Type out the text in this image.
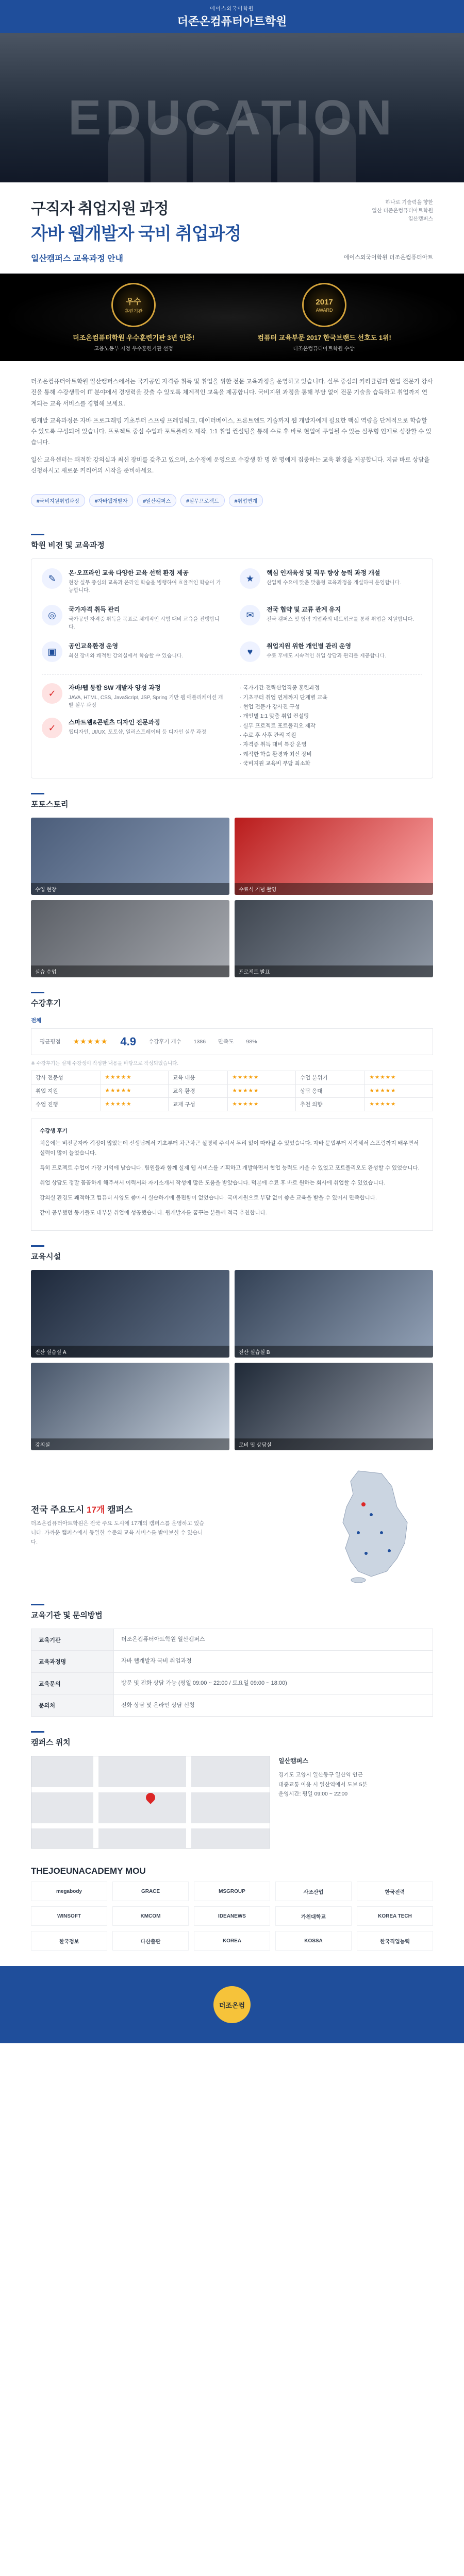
에이스외국어학원
더존온컴퓨터아트학원
EDUCATION
구직자 취업지원 과정
자바 웹개발자 국비 취업과정
일산캠퍼스 교육과정 안내
하나로 기술력을 향한
일산 더존온컴퓨터아트학원
일산캠퍼스
에이스외국어학원 더조온컴퓨터아트
우수
훈련기관
더조온컴퓨터학원 우수훈련기관 3년 인증!
고용노동부 지정 우수훈련기관 선정
2017
AWARD
컴퓨터 교육부문 2017 한국브랜드 선호도 1위!
더조온컴퓨터아트학원 수상!

더조온컴퓨터아트학원 일산캠퍼스에서는 국가공인 자격증 취득 및 취업을 위한 전문 교육과정을 운영하고 있습니다. 실무 중심의 커리큘럼과 현업 전문가 강사진을 통해 수강생들이 IT 분야에서 경쟁력을 갖출 수 있도록 체계적인 교육을 제공합니다. 국비지원 과정을 통해 부담 없이 전문 기술을 습득하고 취업까지 연계되는 교육 서비스를 경험해 보세요.

웹개발 교육과정은 자바 프로그래밍 기초부터 스프링 프레임워크, 데이터베이스, 프론트엔드 기술까지 웹 개발자에게 필요한 핵심 역량을 단계적으로 학습할 수 있도록 구성되어 있습니다. 프로젝트 중심 수업과 포트폴리오 제작, 1:1 취업 컨설팅을 통해 수료 후 바로 현업에 투입될 수 있는 실무형 인재로 성장할 수 있습니다.

일산 교육센터는 쾌적한 강의실과 최신 장비를 갖추고 있으며, 소수정예 운영으로 수강생 한 명 한 명에게 집중하는 교육 환경을 제공합니다. 지금 바로 상담을 신청하시고 새로운 커리어의 시작을 준비하세요.

#국비지원취업과정	#자바웹개발자	#일산캠퍼스	#실무프로젝트	#취업연계
학원 비전 및 교육과정
✎
온·오프라인 교육 다양한 교육 선택 환경 제공
현장 실무 중심의 교육과 온라인 학습을 병행하여 효율적인 학습이 가능합니다.
★
핵심 인재육성 및 직무 향상 능력 과정 개설
산업체 수요에 맞춘 맞춤형 교육과정을 개설하여 운영합니다.
◎
국가자격 취득 관리
국가공인 자격증 취득을 목표로 체계적인 시험 대비 교육을 진행합니다.
✉
전국 협약 및 교류 관계 유지
전국 캠퍼스 및 협력 기업과의 네트워크를 통해 취업을 지원합니다.
▣
공인교육환경 운영
최신 장비와 쾌적한 강의실에서 학습할 수 있습니다.	♥
취업지원 위한 개인별 관리 운영
수료 후에도 지속적인 취업 상담과 관리를 제공합니다.
✓
자바/웹 통합 SW 개발자 양성 과정
JAVA, HTML, CSS, JavaScript, JSP, Spring 기반 웹 애플리케이션 개발 실무 과정
✓
스마트웹&콘텐츠 디자인 전문과정
웹디자인, UI/UX, 포토샵, 일러스트레이터 등 디자인 실무 과정
· 국가기간·전략산업직종 훈련과정
· 기초부터 취업 연계까지 단계별 교육
· 현업 전문가 강사진 구성
· 개인별 1:1 맞춤 취업 컨설팅
· 실무 프로젝트 포트폴리오 제작
· 수료 후 사후 관리 지원
· 자격증 취득 대비 특강 운영
· 쾌적한 학습 환경과 최신 장비
· 국비지원 교육비 부담 최소화
포토스토리
수업 현장	수료식 기념 촬영
실습 수업	프로젝트 발표
수강후기
전체
평균평점 ★★★★★ 4.9 수강후기 개수 1386 만족도 98%
※ 수강후기는 실제 수강생이 작성한 내용을 바탕으로 작성되었습니다.
강사 전문성	★★★★★	교육 내용	★★★★★	수업 분위기	★★★★★
취업 지원	★★★★★	교육 환경	★★★★★	상담 응대	★★★★★
수업 진행	★★★★★	교재 구성	★★★★★	추천 의향	★★★★★
수강생 후기

처음에는 비전공자라 걱정이 많았는데 선생님께서 기초부터 차근차근 설명해 주셔서 무리 없이 따라갈 수 있었습니다. 자바 문법부터 시작해서 스프링까지 배우면서 실력이 많이 늘었습니다.

특히 프로젝트 수업이 가장 기억에 남습니다. 팀원들과 함께 실제 웹 서비스를 기획하고 개발하면서 협업 능력도 키울 수 있었고 포트폴리오도 완성할 수 있었습니다.

취업 상담도 정말 꼼꼼하게 해주셔서 이력서와 자기소개서 작성에 많은 도움을 받았습니다. 덕분에 수료 후 바로 원하는 회사에 취업할 수 있었습니다.

강의실 환경도 쾌적하고 컴퓨터 사양도 좋아서 실습하기에 불편함이 없었습니다. 국비지원으로 부담 없이 좋은 교육을 받을 수 있어서 만족합니다.

같이 공부했던 동기들도 대부분 취업에 성공했습니다. 웹개발자를 꿈꾸는 분들께 적극 추천합니다.

교육시설
전산 실습실 A	전산 실습실 B
강의실	로비 및 상담실
전국 주요도시 17개 캠퍼스
더조온컴퓨터아트학원은 전국 주요 도시에 17개의 캠퍼스를 운영하고 있습니다. 가까운 캠퍼스에서 동일한 수준의 교육 서비스를 받아보실 수 있습니다.
교육기관 및 문의방법
교육기관	더조온컴퓨터아트학원 일산캠퍼스
교육과정명	자바 웹개발자 국비 취업과정
교육문의	방문 및 전화 상담 가능 (평일 09:00 ~ 22:00 / 토요일 09:00 ~ 18:00)
문의처	전화 상담 및 온라인 상담 신청
캠퍼스 위치
일산캠퍼스
경기도 고양시 일산동구 일산역 인근
대중교통 이용 시 일산역에서 도보 5분
운영시간: 평일 09:00 ~ 22:00
THEJOEUNACADEMY MOU
megabody	GRACE	MSGROUP	사조산업	한국전력
WINSOFT	KMCOM	IDEANEWS	가천대학교	KOREA TECH
한국정보	다산출판	KOREA	KOSSA	한국직업능력
더조온컴
